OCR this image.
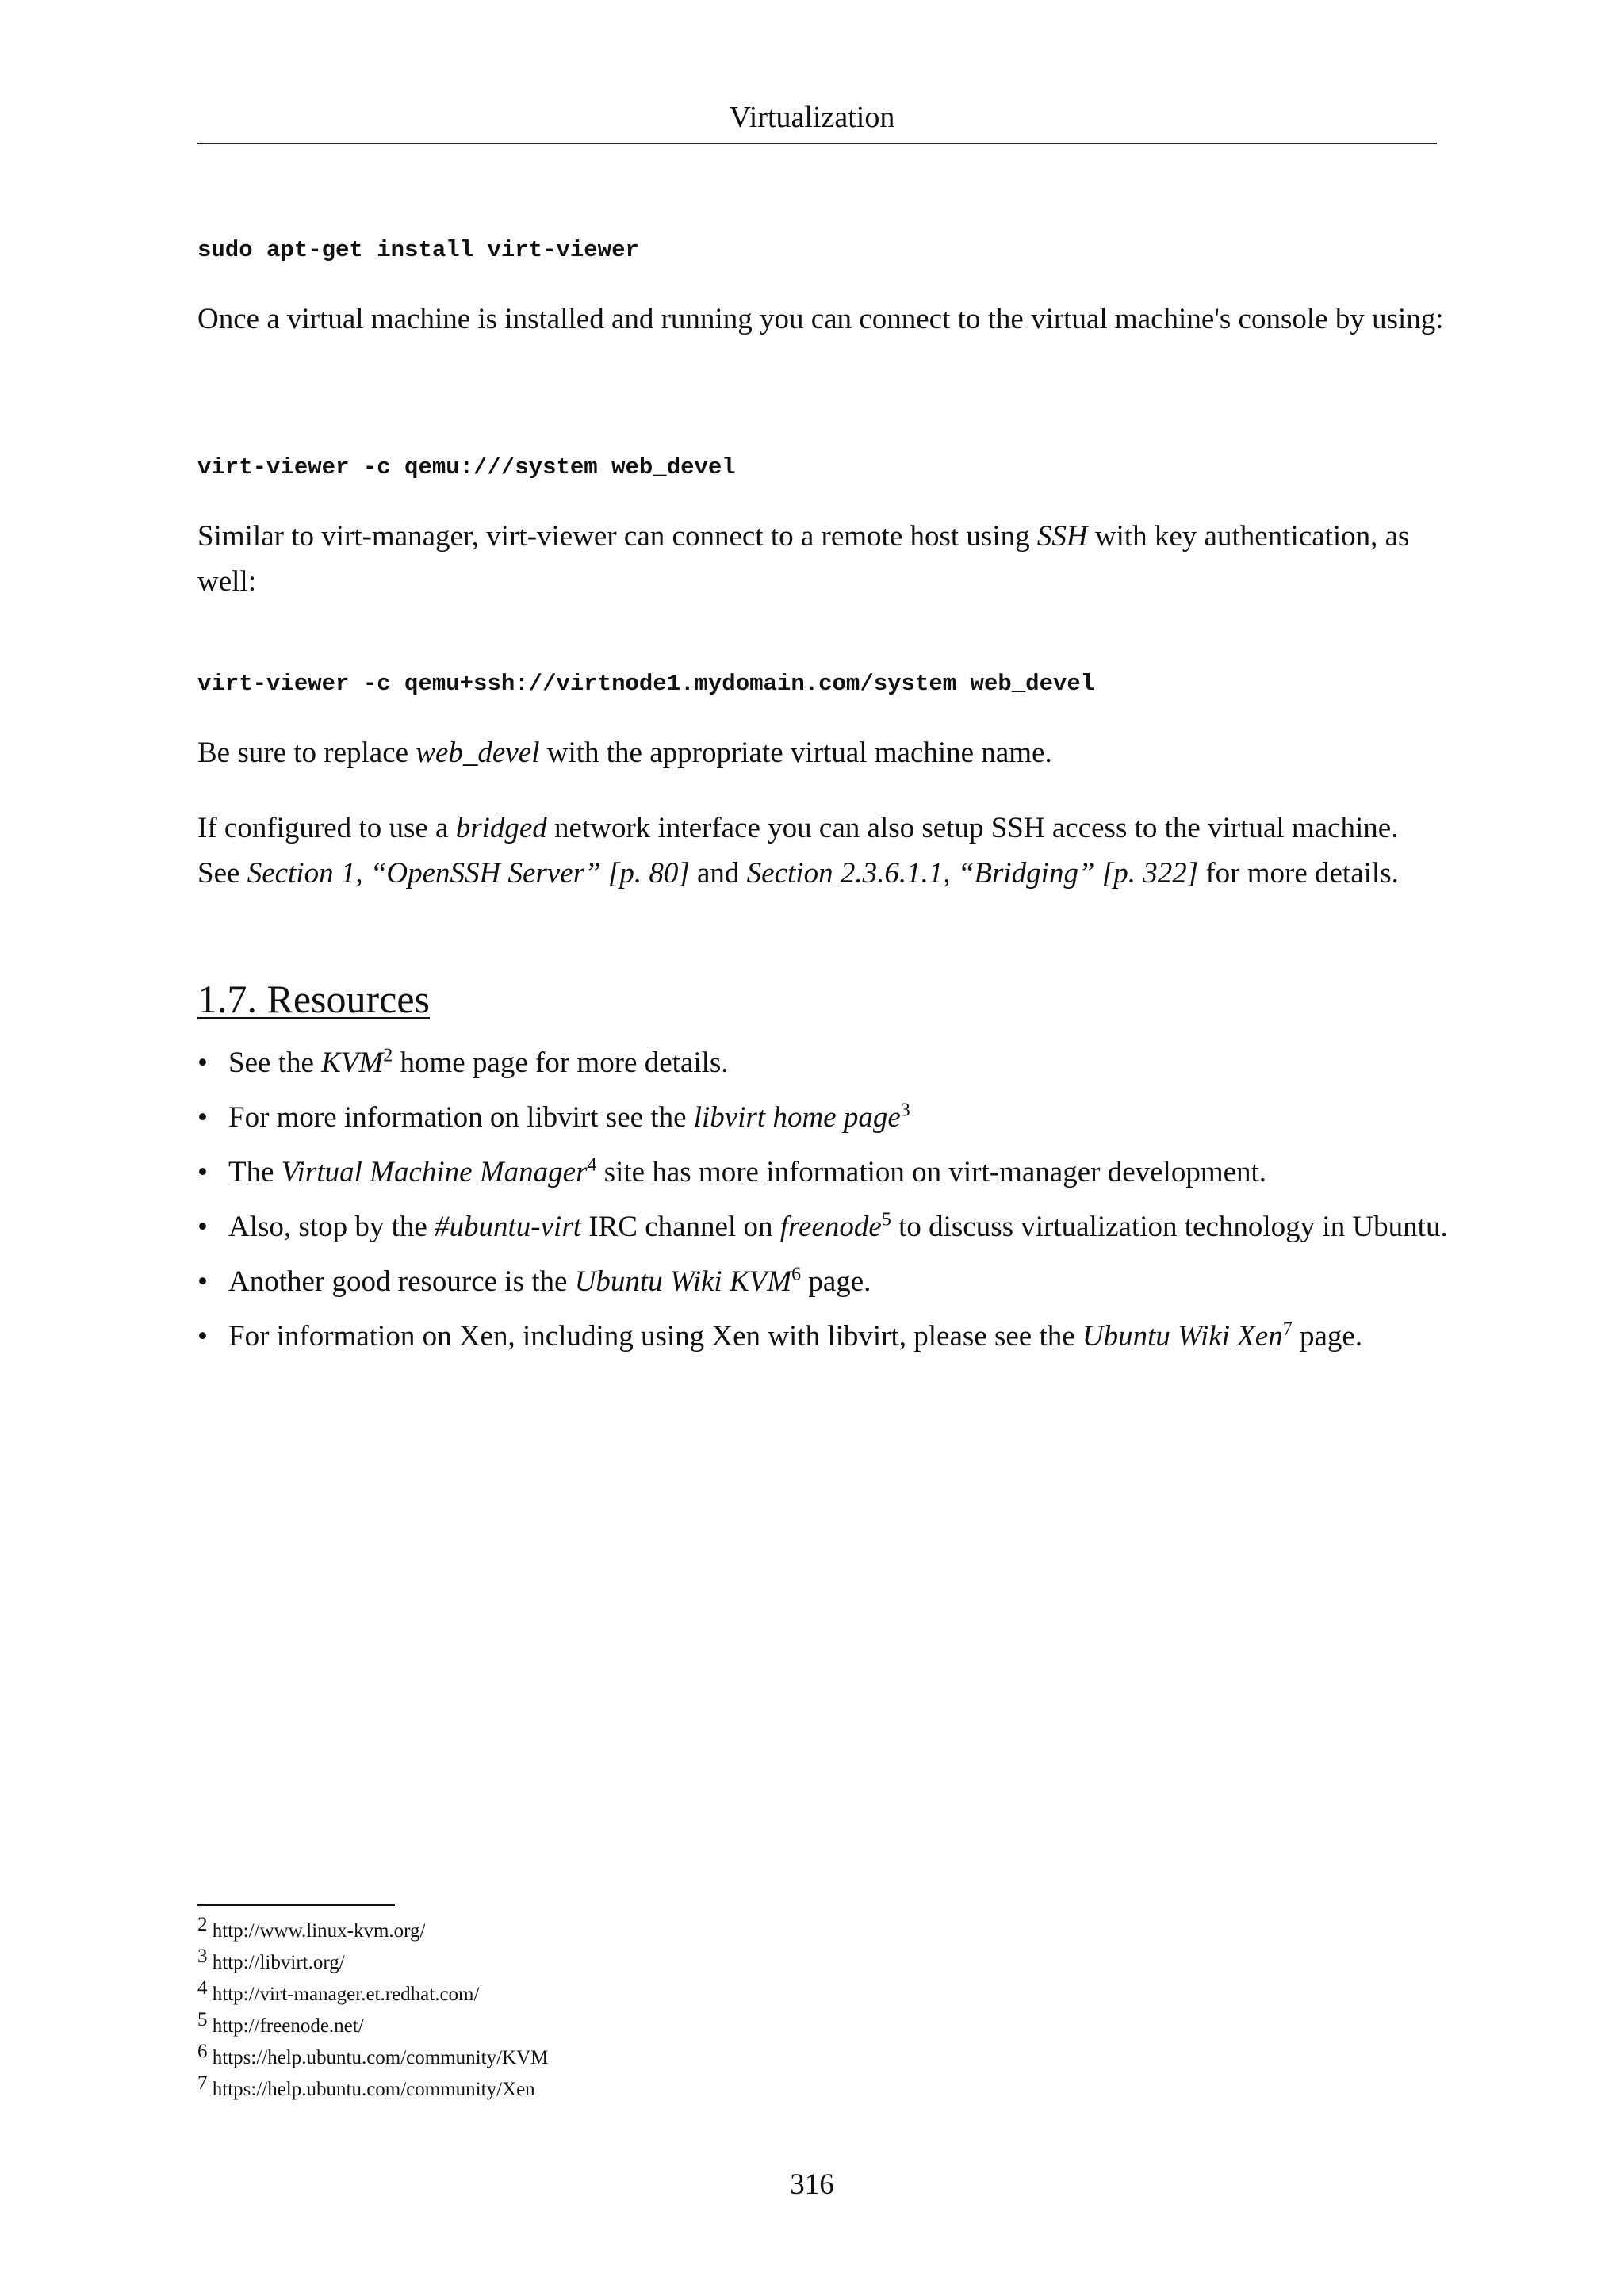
Virtualization
sudo apt-get install virt-viewer

Once a virtual machine is installed and running you can connect to the virtual machine's console by using:

virt-viewer -c qemu:///system web_devel

Similar to virt-manager, virt-viewer can connect to a remote host using SSH with key authentication, as well:

virt-viewer -c qemu+ssh://virtnode1.mydomain.com/system web_devel

Be sure to replace web_devel with the appropriate virtual machine name.

If configured to use a bridged network interface you can also setup SSH access to the virtual machine. See Section 1, “OpenSSH Server” [p. 80] and Section 2.3.6.1.1, “Bridging” [p. 322] for more details.

1.7. Resources
• See the KVM$^2$ home page for more details.
• For more information on libvirt see the libvirt home page$^3$
• The Virtual Machine Manager$^4$ site has more information on virt-manager development.
• Also, stop by the #ubuntu-virt IRC channel on freenode$^5$ to discuss virtualization technology in Ubuntu.
• Another good resource is the Ubuntu Wiki KVM$^6$ page.
• For information on Xen, including using Xen with libvirt, please see the Ubuntu Wiki Xen$^7$ page.
2 http://www.linux-kvm.org/
3 http://libvirt.org/
4 http://virt-manager.et.redhat.com/
5 http://freenode.net/
6 https://help.ubuntu.com/community/KVM
7 https://help.ubuntu.com/community/Xen
316
